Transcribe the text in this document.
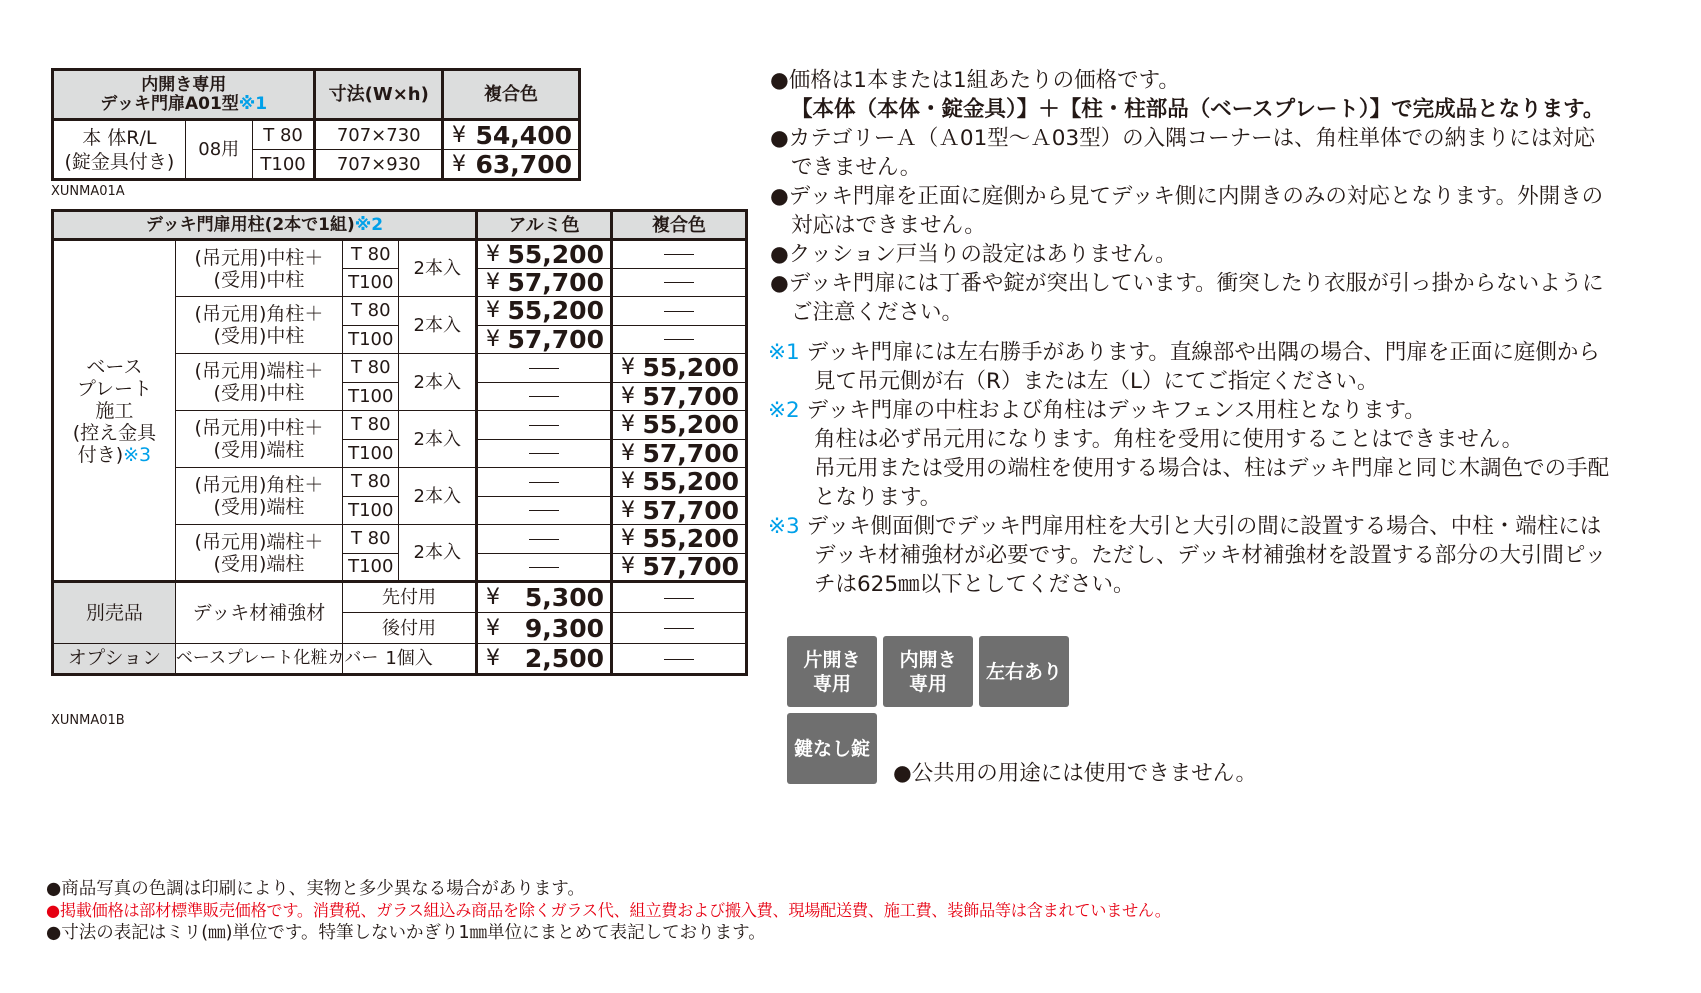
内開き専用
デッキ門扉A01型※1			寸法(W×h)	複合色

本 体R/L
(錠金具付き)	08用	T 80	707×730	¥ 54,400

		T100	707×930	¥ 63,700
XUNMA01A
デッキ門扉用柱(2本で1組)※2				アルミ色	複合色

ベース
プレート
施工
(控え金具
付き)※3	(吊元用)中柱＋
(受用)中柱	T 80	2本入	¥ 55,200	

		T100		¥ 57,700	

	(吊元用)角柱＋
(受用)中柱	T 80	2本入	¥ 55,200	

		T100		¥ 57,700	

	(吊元用)端柱＋
(受用)中柱	T 80	2本入		¥ 55,200

		T100			¥ 57,700

	(吊元用)中柱＋
(受用)端柱	T 80	2本入		¥ 55,200

		T100			¥ 57,700

	(吊元用)角柱＋
(受用)端柱	T 80	2本入		¥ 55,200

		T100			¥ 57,700

	(吊元用)端柱＋
(受用)端柱	T 80	2本入		¥ 55,200

		T100			¥ 57,700

別売品	デッキ材補強材	先付用		¥ 5,300	

		後付用		¥ 9,300	

オプション	ベースプレート化粧カバー	1個入		¥ 2,500	

XUNMA01B
●価格は1本または1組あたりの価格です。
【本体（本体・錠金具）】＋【柱・柱部品（ベースプレート）】で完成品となります。
●カテゴリーＡ（Ａ01型～Ａ03型）の入隅コーナーは、角柱単体での納まりには対応
できません。
●デッキ門扉を正面に庭側から見てデッキ側に内開きのみの対応となります。外開きの
対応はできません。
●クッション戸当りの設定はありません。
●デッキ門扉には丁番や錠が突出しています。衝突したり衣服が引っ掛からないように
ご注意ください。
※1 デッキ門扉には左右勝手があります。直線部や出隅の場合、門扉を正面に庭側から
見て吊元側が右（R）または左（L）にてご指定ください。
※2 デッキ門扉の中柱および角柱はデッキフェンス用柱となります。
角柱は必ず吊元用になります。角柱を受用に使用することはできません。
吊元用または受用の端柱を使用する場合は、柱はデッキ門扉と同じ木調色での手配
となります。
※3 デッキ側面側でデッキ門扉用柱を大引と大引の間に設置する場合、中柱・端柱には
デッキ材補強材が必要です。ただし、デッキ材補強材を設置する部分の大引間ピッ
チは625㎜以下としてください。
片開き
専用
内開き
専用
左右あり
鍵なし錠
●公共用の用途には使用できません。
●商品写真の色調は印刷により、実物と多少異なる場合があります。
●掲載価格は部材標準販売価格です。消費税、ガラス組込み商品を除くガラス代、組立費および搬入費、現場配送費、施工費、装飾品等は含まれていません。
●寸法の表記はミリ(㎜)単位です。特筆しないかぎり1㎜単位にまとめて表記しております。
